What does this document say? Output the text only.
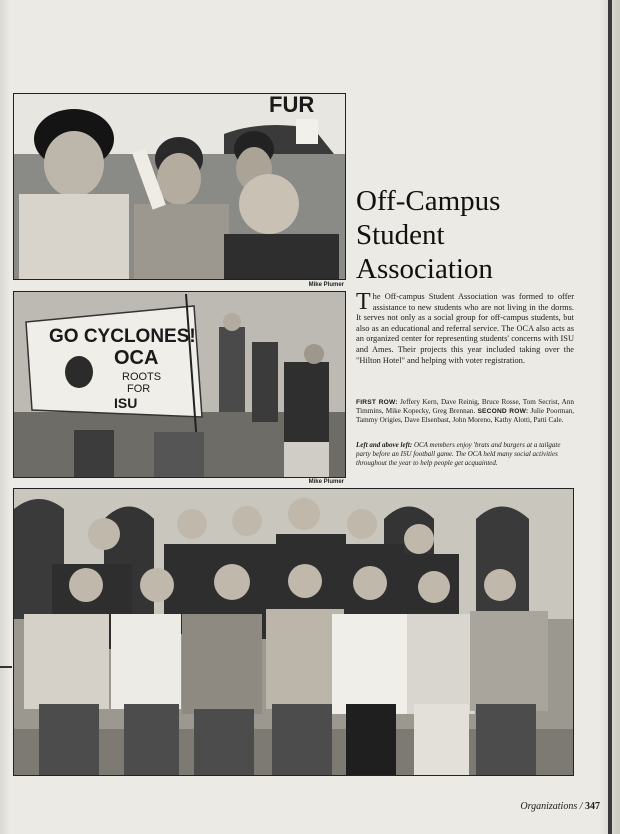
FUR
Mike Plumer
GO CYCLONES!
OCA
ROOTS
FOR
ISU
Mike Plumer
Off-Campus
Student
Association
The Off-campus Student Association was formed to offer assistance to new students who are not living in the dorms. It serves not only as a social group for off-campus students, but also as an educational and referral service. The OCA also acts as an organized center for representing students' concerns with ISU and Ames. Their projects this year included taking over the "Hilton Hotel" and helping with voter registration.
FIRST ROW: Jeffery Kern, Dave Reinig, Bruce Rosse, Tom Secrist, Ann Timmins, Mike Kopecky, Greg Brennan. SECOND ROW: Julie Poorman, Tammy Origies, Dave Elsenbast, John Moreno, Kathy Alotti, Patti Cale.
Left and above left: OCA members enjoy 'brats and burgers at a tailgate party before an ISU football game. The OCA held many social activities throughout the year to help people get acquainted.
Organizations / 347
